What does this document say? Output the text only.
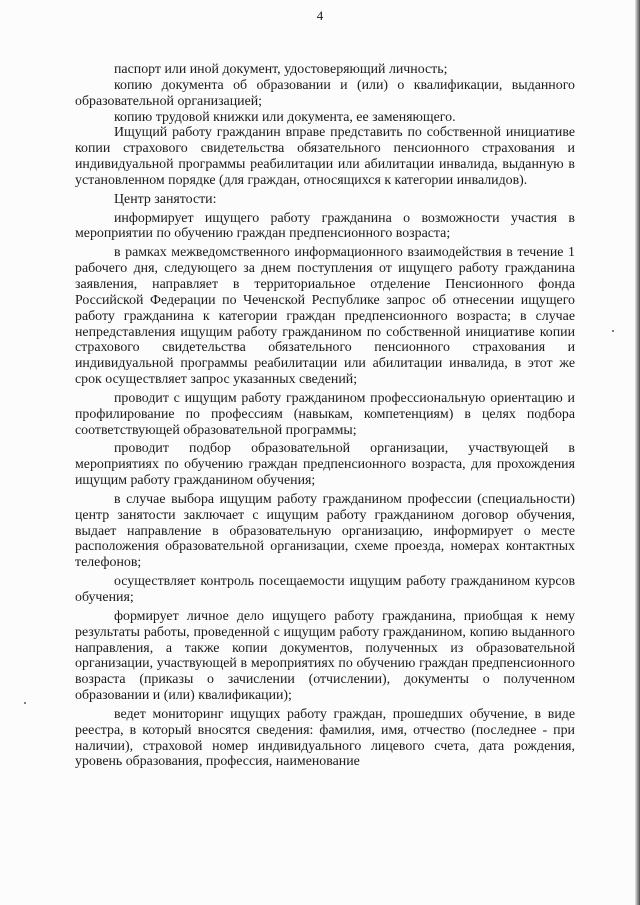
4

паспорт или иной документ, удостоверяющий личность;

копию документа об образовании и (или) о квалификации, выданного образовательной организацией;

копию трудовой книжки или документа, ее заменяющего.

Ищущий работу гражданин вправе представить по собственной инициативе копии страхового свидетельства обязательного пенсионного страхования и индивидуальной программы реабилитации или абилитации инвалида, выданную в установленном порядке (для граждан, относящихся к категории инвалидов).

Центр занятости:

информирует ищущего работу гражданина о возможности участия в мероприятии по обучению граждан предпенсионного возраста;

в рамках межведомственного информационного взаимодействия в течение 1 рабочего дня, следующего за днем поступления от ищущего работу гражданина заявления, направляет в территориальное отделение Пенсионного фонда Российской Федерации по Чеченской Республике запрос об отнесении ищущего работу гражданина к категории граждан предпенсионного возраста; в случае непредставления ищущим работу гражданином по собственной инициативе копии страхового свидетельства обязательного пенсионного страхования и индивидуальной программы реабилитации или абилитации инвалида, в этот же срок осуществляет запрос указанных сведений;

проводит с ищущим работу гражданином профессиональную ориентацию и профилирование по профессиям (навыкам, компетенциям) в целях подбора соответствующей образовательной программы;

проводит подбор образовательной организации, участвующей в мероприятиях по обучению граждан предпенсионного возраста, для прохождения ищущим работу гражданином обучения;

в случае выбора ищущим работу гражданином профессии (специальности) центр занятости заключает с ищущим работу гражданином договор обучения, выдает направление в образовательную организацию, информирует о месте расположения образовательной организации, схеме проезда, номерах контактных телефонов;

осуществляет контроль посещаемости ищущим работу гражданином курсов обучения;

формирует личное дело ищущего работу гражданина, приобщая к нему результаты работы, проведенной с ищущим работу гражданином, копию выданного направления, а также копии документов, полученных из образовательной организации, участвующей в мероприятиях по обучению граждан предпенсионного возраста (приказы о зачислении (отчислении), документы о полученном образовании и (или) квалификации);

ведет мониторинг ищущих работу граждан, прошедших обучение, в виде реестра, в который вносятся сведения: фамилия, имя, отчество (последнее - при наличии), страховой номер индивидуального лицевого счета, дата рождения, уровень образования, профессия, наименование
